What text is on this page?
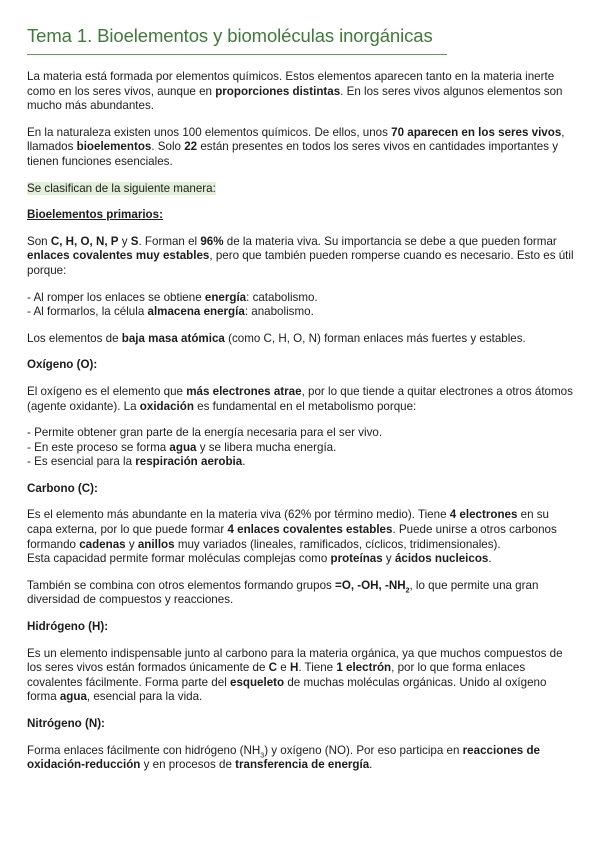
Tema 1. Bioelementos y biomoléculas inorgánicas

La materia está formada por elementos químicos. Estos elementos aparecen tanto en la materia inerte como en los seres vivos, aunque en proporciones distintas. En los seres vivos algunos elementos son mucho más abundantes.

En la naturaleza existen unos 100 elementos químicos. De ellos, unos 70 aparecen en los seres vivos, llamados bioelementos. Solo 22 están presentes en todos los seres vivos en cantidades importantes y tienen funciones esenciales.

Se clasifican de la siguiente manera:

Bioelementos primarios:

Son C, H, O, N, P y S. Forman el 96% de la materia viva. Su importancia se debe a que pueden formar enlaces covalentes muy estables, pero que también pueden romperse cuando es necesario. Esto es útil porque:

- Al romper los enlaces se obtiene energía: catabolismo.

- Al formarlos, la célula almacena energía: anabolismo.

Los elementos de baja masa atómica (como C, H, O, N) forman enlaces más fuertes y estables.

Oxígeno (O):

El oxígeno es el elemento que más electrones atrae, por lo que tiende a quitar electrones a otros átomos (agente oxidante). La oxidación es fundamental en el metabolismo porque:

- Permite obtener gran parte de la energía necesaria para el ser vivo.

- En este proceso se forma agua y se libera mucha energía.

- Es esencial para la respiración aerobia.

Carbono (C):

Es el elemento más abundante en la materia viva (62% por término medio). Tiene 4 electrones en su capa externa, por lo que puede formar 4 enlaces covalentes estables. Puede unirse a otros carbonos formando cadenas y anillos muy variados (lineales, ramificados, cíclicos, tridimensionales).

Esta capacidad permite formar moléculas complejas como proteínas y ácidos nucleicos.

También se combina con otros elementos formando grupos =O, -OH, $-NH_2$, lo que permite una gran diversidad de compuestos y reacciones.

Hidrógeno (H):

Es un elemento indispensable junto al carbono para la materia orgánica, ya que muchos compuestos de los seres vivos están formados únicamente de C e H. Tiene 1 electrón, por lo que forma enlaces covalentes fácilmente. Forma parte del esqueleto de muchas moléculas orgánicas. Unido al oxígeno forma agua, esencial para la vida.

Nitrógeno (N):

Forma enlaces fácilmente con hidrógeno $(NH_3)$ y oxígeno (NO). Por eso participa en reacciones de oxidación-reducción y en procesos de transferencia de energía.
